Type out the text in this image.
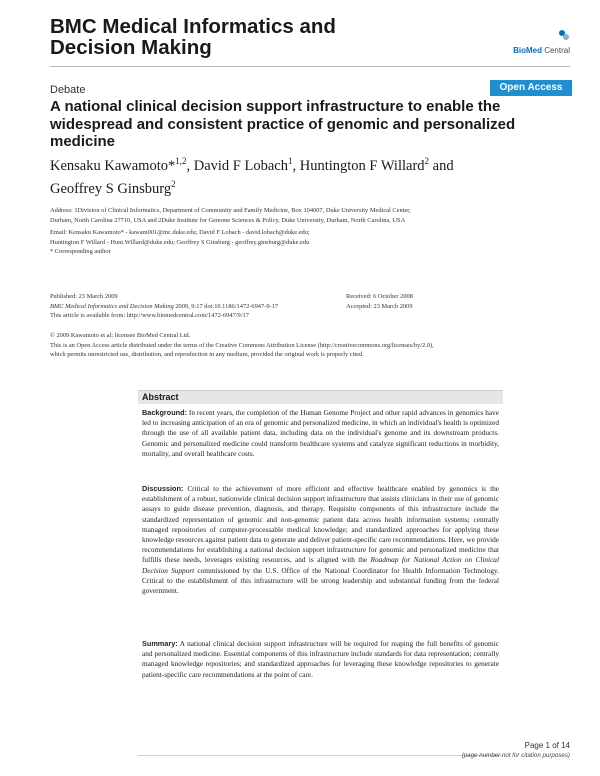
BMC Medical Informatics and
Decision Making	BioMed Central
Debate	Open Access
A national clinical decision support infrastructure to enable the widespread and consistent practice of genomic and personalized medicine
Kensaku Kawamoto*$^{1,2}$, David F Lobach$^1$, Huntington F Willard$^2$ and
Geoffrey S Ginsburg$^2$
Address: 1Division of Clinical Informatics, Department of Community and Family Medicine, Box 104007, Duke University Medical Center,
Durham, North Carolina 27710, USA and 2Duke Institute for Genome Sciences & Policy, Duke University, Durham, North Carolina, USA
Email: Kensaku Kawamoto* - kawam001@mc.duke.edu; David F Lobach - david.lobach@duke.edu;
Huntington F Willard - Hunt.Willard@duke.edu; Geoffrey S Ginsburg - geoffrey.ginsburg@duke.edu
* Corresponding author
Published: 23 March 2009
BMC Medical Informatics and Decision Making 2009, 9:17 doi:10.1186/1472-6947-9-17
This article is available from: http://www.biomedcentral.com/1472-6947/9/17
Received: 6 October 2008
Accepted: 23 March 2009
© 2009 Kawamoto et al; licensee BioMed Central Ltd.
This is an Open Access article distributed under the terms of the Creative Commons Attribution License (http://creativecommons.org/licenses/by/2.0),
which permits unrestricted use, distribution, and reproduction in any medium, provided the original work is properly cited.
Abstract
Background: In recent years, the completion of the Human Genome Project and other rapid advances in genomics have led to increasing anticipation of an era of genomic and personalized medicine, in which an individual's health is optimized through the use of all available patient data, including data on the individual's genome and its downstream products. Genomic and personalized medicine could transform healthcare systems and catalyze significant reductions in morbidity, mortality, and overall healthcare costs.
Discussion: Critical to the achievement of more efficient and effective healthcare enabled by genomics is the establishment of a robust, nationwide clinical decision support infrastructure that assists clinicians in their use of genomic assays to guide disease prevention, diagnosis, and therapy. Requisite components of this infrastructure include the standardized representation of genomic and non-genomic patient data across health information systems; centrally managed repositories of computer-processable medical knowledge; and standardized approaches for applying these knowledge resources against patient data to generate and deliver patient-specific care recommendations. Here, we provide recommendations for establishing a national decision support infrastructure for genomic and personalized medicine that fulfills these needs, leverages existing resources, and is aligned with the Roadmap for National Action on Clinical Decision Support commissioned by the U.S. Office of the National Coordinator for Health Information Technology. Critical to the establishment of this infrastructure will be strong leadership and substantial funding from the federal government.
Summary: A national clinical decision support infrastructure will be required for reaping the full benefits of genomic and personalized medicine. Essential components of this infrastructure include standards for data representation; centrally managed knowledge repositories; and standardized approaches for leveraging these knowledge repositories to generate patient-specific care recommendations at the point of care.
Page 1 of 14
(page number not for citation purposes)
